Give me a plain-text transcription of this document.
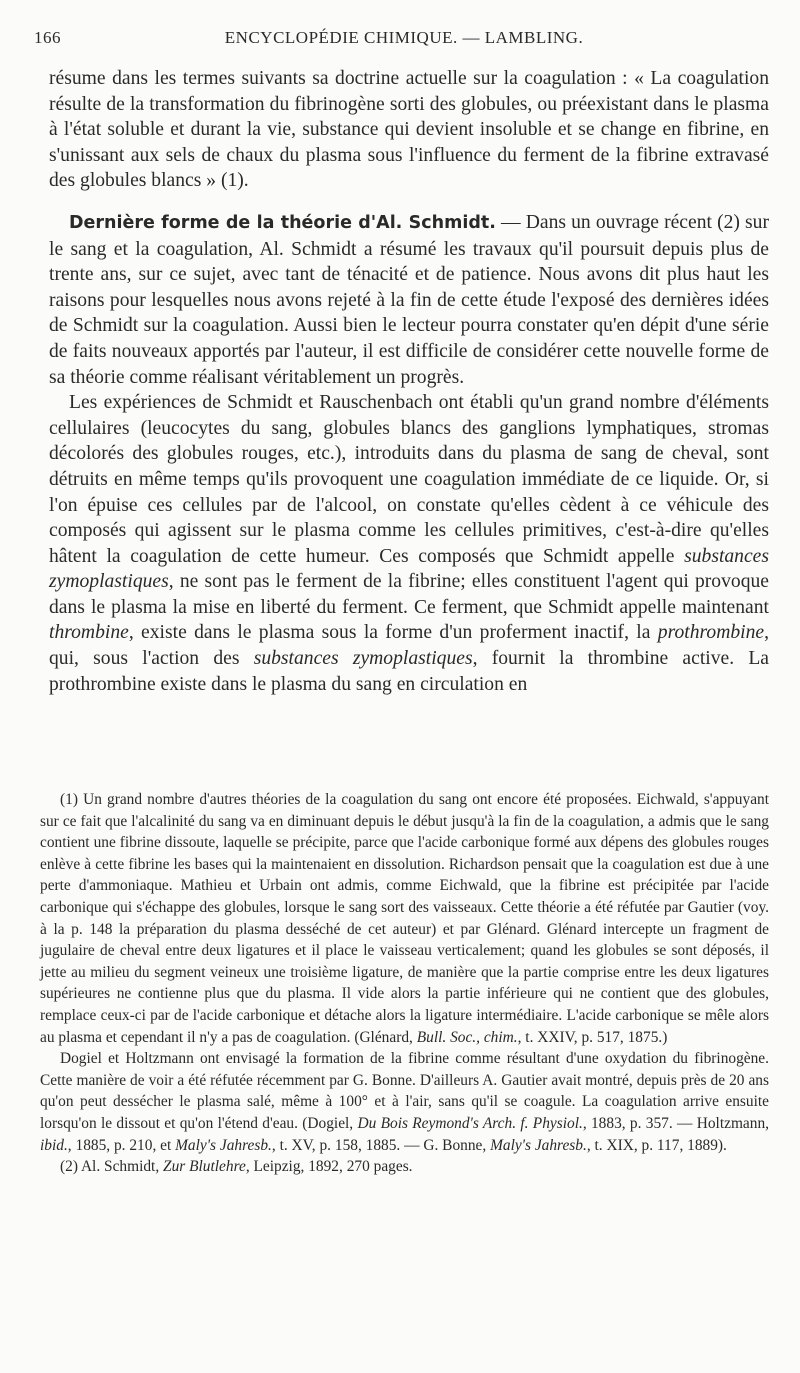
166	ENCYCLOPÉDIE CHIMIQUE. — LAMBLING.

résume dans les termes suivants sa doctrine actuelle sur la coagulation : « La coagulation résulte de la transformation du fibrinogène sorti des globules, ou préexistant dans le plasma à l'état soluble et durant la vie, substance qui devient insoluble et se change en fibrine, en s'unissant aux sels de chaux du plasma sous l'influence du ferment de la fibrine extravasé des globules blancs » (1).

Dernière forme de la théorie d'Al. Schmidt. — Dans un ouvrage récent (2) sur le sang et la coagulation, Al. Schmidt a résumé les travaux qu'il poursuit depuis plus de trente ans, sur ce sujet, avec tant de ténacité et de patience. Nous avons dit plus haut les raisons pour lesquelles nous avons rejeté à la fin de cette étude l'exposé des dernières idées de Schmidt sur la coagulation. Aussi bien le lecteur pourra constater qu'en dépit d'une série de faits nouveaux apportés par l'auteur, il est difficile de considérer cette nouvelle forme de sa théorie comme réalisant véritablement un progrès.

Les expériences de Schmidt et Rauschenbach ont établi qu'un grand nombre d'éléments cellulaires (leucocytes du sang, globules blancs des ganglions lymphatiques, stromas décolorés des globules rouges, etc.), introduits dans du plasma de sang de cheval, sont détruits en même temps qu'ils provoquent une coagulation immédiate de ce liquide. Or, si l'on épuise ces cellules par de l'alcool, on constate qu'elles cèdent à ce véhicule des composés qui agissent sur le plasma comme les cellules primitives, c'est-à-dire qu'elles hâtent la coagulation de cette humeur. Ces composés que Schmidt appelle substances zymoplastiques, ne sont pas le ferment de la fibrine; elles constituent l'agent qui provoque dans le plasma la mise en liberté du ferment. Ce ferment, que Schmidt appelle maintenant thrombine, existe dans le plasma sous la forme d'un proferment inactif, la prothrombine, qui, sous l'action des substances zymoplastiques, fournit la thrombine active. La prothrombine existe dans le plasma du sang en circulation en

(1) Un grand nombre d'autres théories de la coagulation du sang ont encore été proposées. Eichwald, s'appuyant sur ce fait que l'alcalinité du sang va en diminuant depuis le début jusqu'à la fin de la coagulation, a admis que le sang contient une fibrine dissoute, laquelle se précipite, parce que l'acide carbonique formé aux dépens des globules rouges enlève à cette fibrine les bases qui la maintenaient en dissolution. Richardson pensait que la coagulation est due à une perte d'ammoniaque. Mathieu et Urbain ont admis, comme Eichwald, que la fibrine est précipitée par l'acide carbonique qui s'échappe des globules, lorsque le sang sort des vaisseaux. Cette théorie a été réfutée par Gautier (voy. à la p. 148 la préparation du plasma desséché de cet auteur) et par Glénard. Glénard intercepte un fragment de jugulaire de cheval entre deux ligatures et il place le vaisseau verticalement; quand les globules se sont déposés, il jette au milieu du segment veineux une troisième ligature, de manière que la partie comprise entre les deux ligatures supérieures ne contienne plus que du plasma. Il vide alors la partie inférieure qui ne contient que des globules, remplace ceux-ci par de l'acide carbonique et détache alors la ligature intermédiaire. L'acide carbonique se mêle alors au plasma et cependant il n'y a pas de coagulation. (Glénard, Bull. Soc., chim., t. XXIV, p. 517, 1875.)

Dogiel et Holtzmann ont envisagé la formation de la fibrine comme résultant d'une oxydation du fibrinogène. Cette manière de voir a été réfutée récemment par G. Bonne. D'ailleurs A. Gautier avait montré, depuis près de 20 ans qu'on peut dessécher le plasma salé, même à 100° et à l'air, sans qu'il se coagule. La coagulation arrive ensuite lorsqu'on le dissout et qu'on l'étend d'eau. (Dogiel, Du Bois Reymond's Arch. f. Physiol., 1883, p. 357. — Holtzmann, ibid., 1885, p. 210, et Maly's Jahresb., t. XV, p. 158, 1885. — G. Bonne, Maly's Jahresb., t. XIX, p. 117, 1889).

(2) Al. Schmidt, Zur Blutlehre, Leipzig, 1892, 270 pages.
